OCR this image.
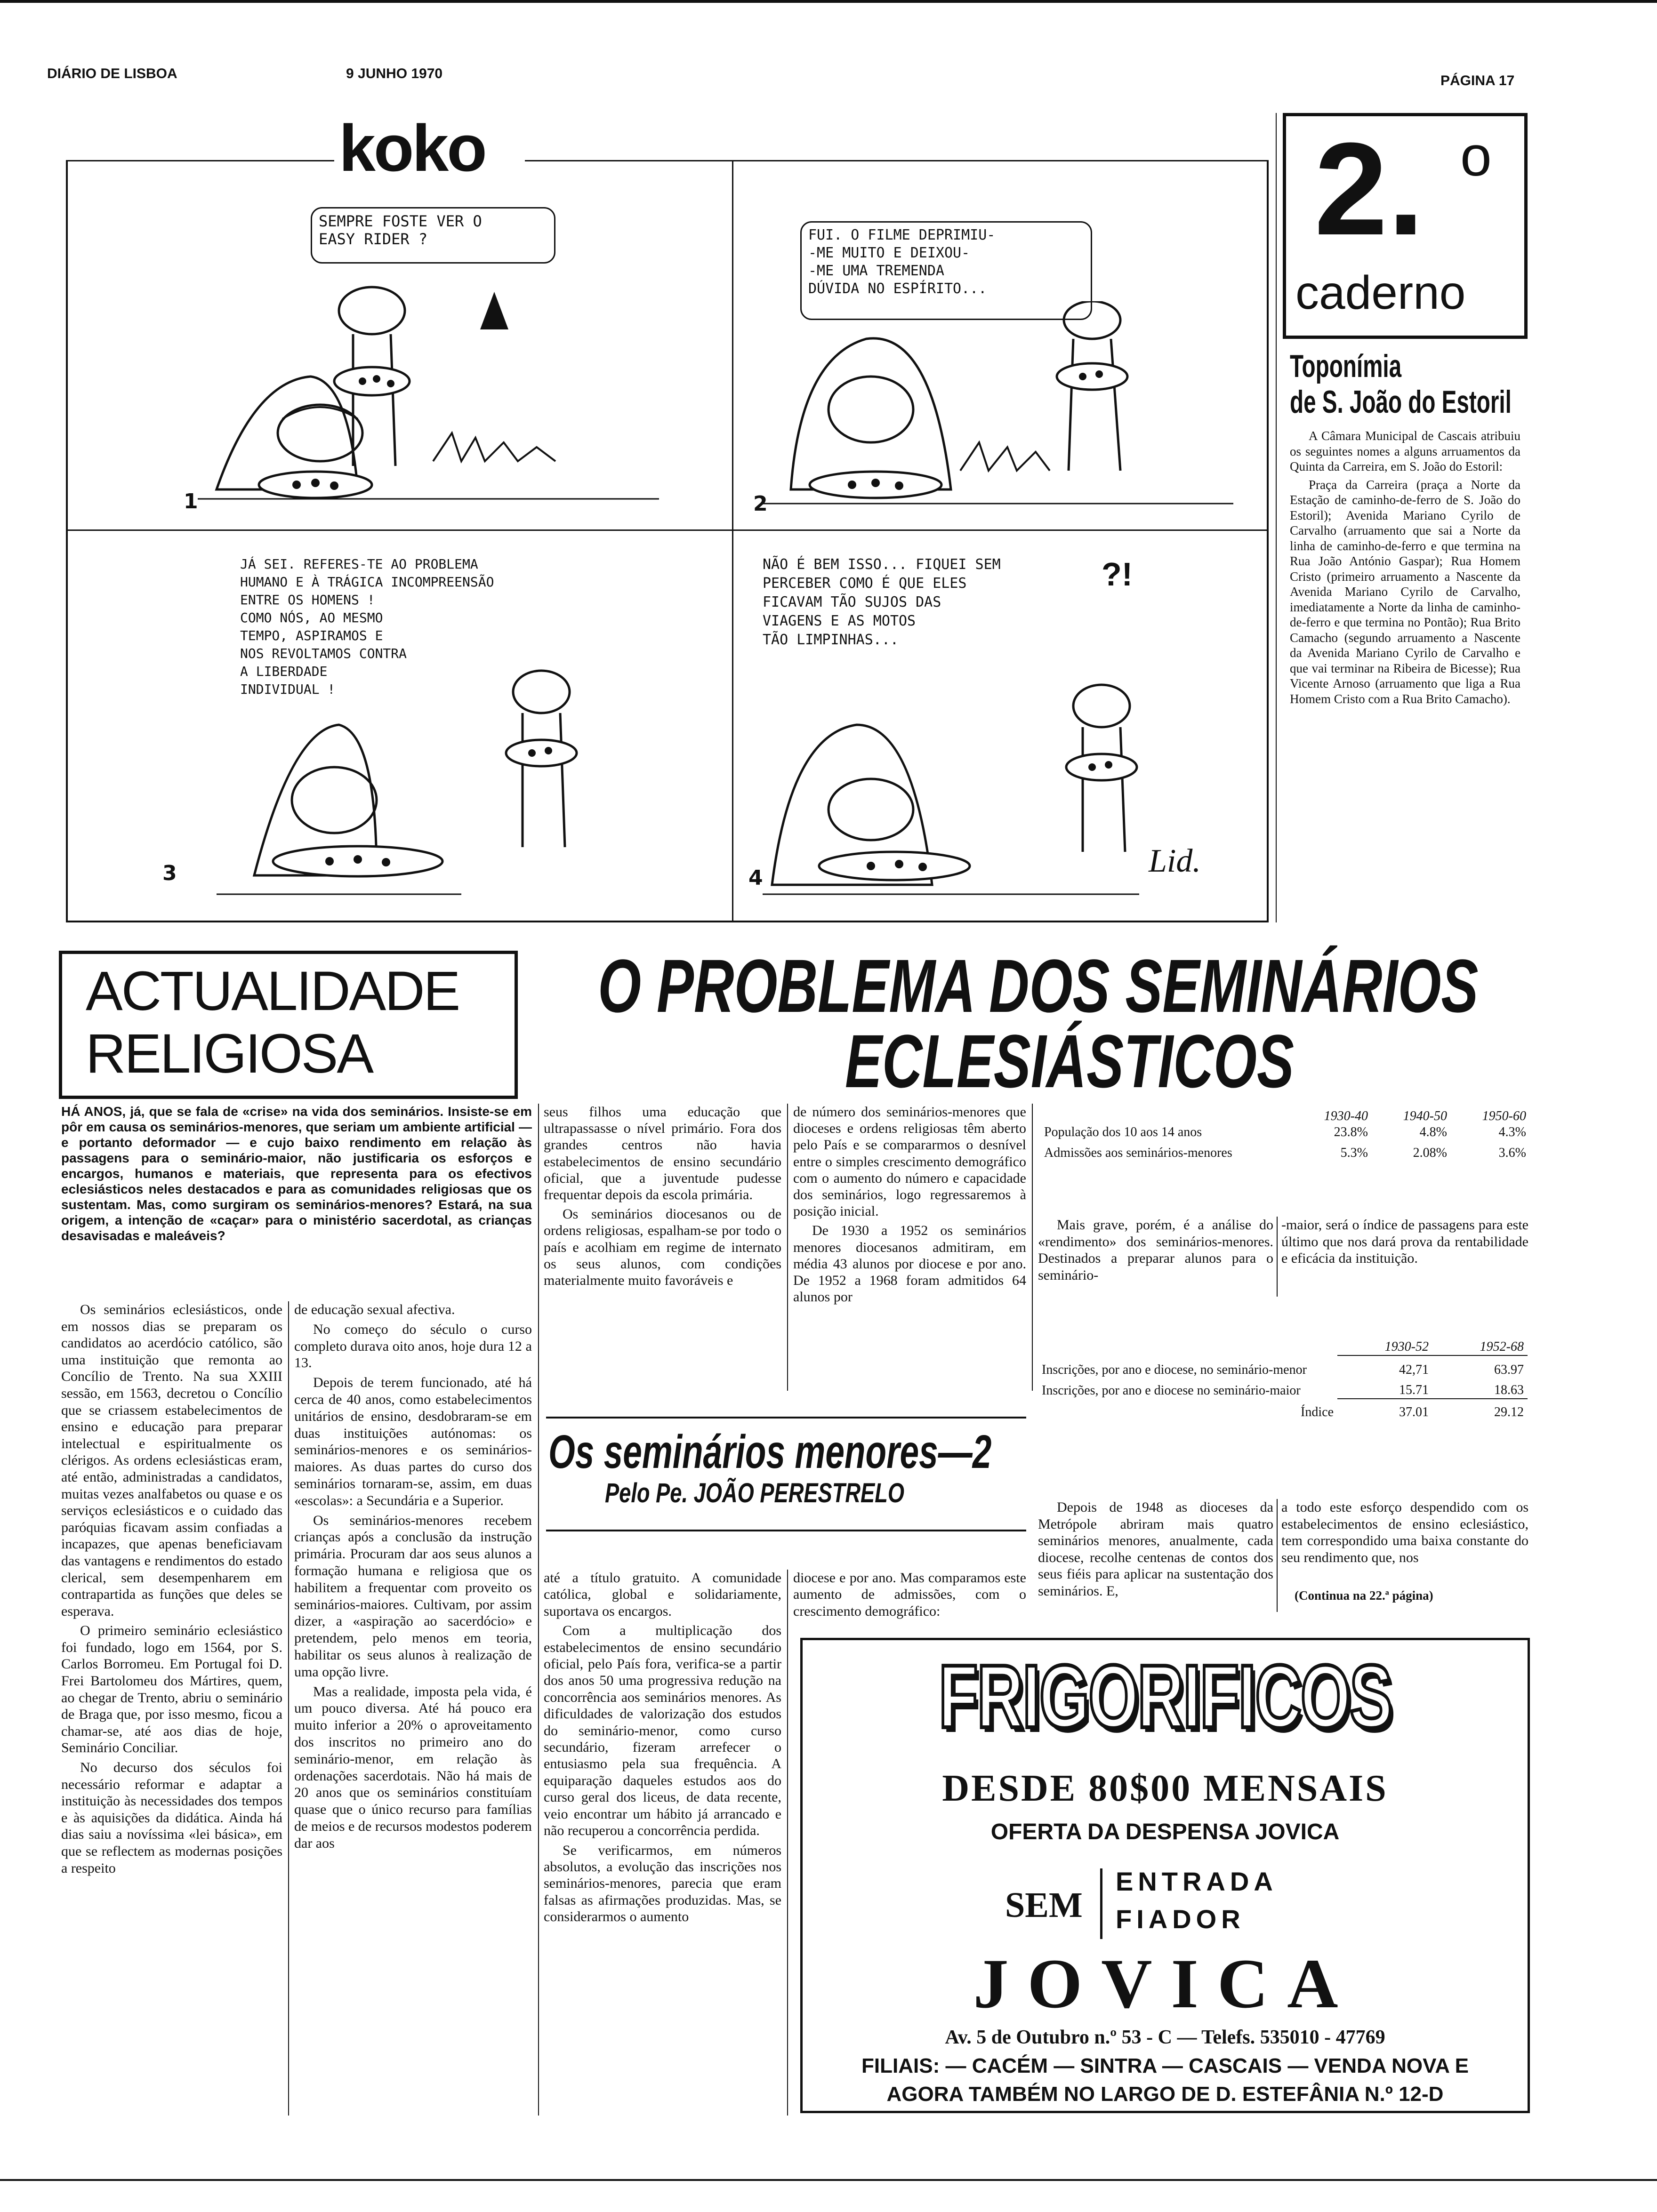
DIÁRIO DE LISBOA	9 JUNHO 1970	PÁGINA 17
koko
SEMPRE FOSTE VER O
EASY RIDER ?
1
FUI. O FILME DEPRIMIU-
-ME MUITO E DEIXOU-
-ME UMA TREMENDA
DÚVIDA NO ESPÍRITO...
2
JÁ SEI. REFERES-TE AO PROBLEMA
HUMANO E À TRÁGICA INCOMPREENSÃO
ENTRE OS HOMENS !
COMO NÓS, AO MESMO
TEMPO, ASPIRAMOS E
NOS REVOLTAMOS CONTRA
A LIBERDADE
INDIVIDUAL !
3
NÃO É BEM ISSO... FIQUEI SEM
PERCEBER COMO É QUE ELES
FICAVAM TÃO SUJOS DAS
VIAGENS E AS MOTOS
TÃO LIMPINHAS...
?!
4	Lid.
2. o
caderno
Toponímia
de S. João do Estoril

A Câmara Municipal de Cascais atribuiu os seguintes nomes a alguns arruamentos da Quinta da Carreira, em S. João do Estoril:

Praça da Carreira (praça a Norte da Estação de caminho-de-ferro de S. João do Estoril); Avenida Mariano Cyrilo de Carvalho (arruamento que sai a Norte da linha de caminho-de-ferro e que termina na Rua João António Gaspar); Rua Homem Cristo (primeiro arruamento a Nascente da Avenida Mariano Cyrilo de Carvalho, imediatamente a Norte da linha de caminho-de-ferro e que termina no Pontão); Rua Brito Camacho (segundo arruamento a Nascente da Avenida Mariano Cyrilo de Carvalho e que vai terminar na Ribeira de Bicesse); Rua Vicente Arnoso (arruamento que liga a Rua Homem Cristo com a Rua Brito Camacho).

ACTUALIDADE
RELIGIOSA
O PROBLEMA DOS SEMINÁRIOS
ECLESIÁSTICOS
HÁ ANOS, já, que se fala de «crise» na vida dos seminários. Insiste-se em pôr em causa os seminários-menores, que seriam um ambiente artificial — e portanto deformador — e cujo baixo rendimento em relação às passagens para o seminário-maior, não justificaria os esforços e encargos, humanos e materiais, que representa para os efectivos eclesiásticos neles destacados e para as comunidades religiosas que os sustentam. Mas, como surgiram os seminários-menores? Estará, na sua origem, a intenção de «caçar» para o ministério sacerdotal, as crianças desavisadas e maleáveis?

Os seminários eclesiásticos, onde em nossos dias se preparam os candidatos ao acerdócio católico, são uma instituição que remonta ao Concílio de Trento. Na sua XXIII sessão, em 1563, decretou o Concílio que se criassem estabelecimentos de ensino e educação para preparar intelectual e espiritualmente os clérigos. As ordens eclesiásticas eram, até então, administradas a candidatos, muitas vezes analfabetos ou quase e os serviços eclesiásticos e o cuidado das paróquias ficavam assim confiadas a incapazes, que apenas beneficiavam das vantagens e rendimentos do estado clerical, sem desempenharem em contrapartida as funções que deles se esperava.

O primeiro seminário eclesiástico foi fundado, logo em 1564, por S. Carlos Borromeu. Em Portugal foi D. Frei Bartolomeu dos Mártires, quem, ao chegar de Trento, abriu o seminário de Braga que, por isso mesmo, ficou a chamar-se, até aos dias de hoje, Seminário Conciliar.

No decurso dos séculos foi necessário reformar e adaptar a instituição às necessidades dos tempos e às aquisições da didática. Ainda há dias saiu a novíssima «lei básica», em que se reflectem as modernas posições a respeito

de educação sexual afectiva.

No começo do século o curso completo durava oito anos, hoje dura 12 a 13.

Depois de terem funcionado, até há cerca de 40 anos, como estabelecimentos unitários de ensino, desdobraram-se em duas instituições autónomas: os seminários-menores e os seminários-maiores. As duas partes do curso dos seminários tornaram-se, assim, em duas «escolas»: a Secundária e a Superior.

Os seminários-menores recebem crianças após a conclusão da instrução primária. Procuram dar aos seus alunos a formação humana e religiosa que os habilitem a frequentar com proveito os seminários-maiores. Cultivam, por assim dizer, a «aspiração ao sacerdócio» e pretendem, pelo menos em teoria, habilitar os seus alunos à realização de uma opção livre.

Mas a realidade, imposta pela vida, é um pouco diversa. Até há pouco era muito inferior a 20% o aproveitamento dos inscritos no primeiro ano do seminário-menor, em relação às ordenações sacerdotais. Não há mais de 20 anos que os seminários constituíam quase que o único recurso para famílias de meios e de recursos modestos poderem dar aos

seus filhos uma educação que ultrapassasse o nível primário. Fora dos grandes centros não havia estabelecimentos de ensino secundário oficial, que a juventude pudesse frequentar depois da escola primária.

Os seminários diocesanos ou de ordens religiosas, espalham-se por todo o país e acolhiam em regime de internato os seus alunos, com condições materialmente muito favoráveis e

de número dos seminários-menores que dioceses e ordens religiosas têm aberto pelo País e se compararmos o desnível entre o simples crescimento demográfico com o aumento do número e capacidade dos seminários, logo regressaremos à posição inicial.

De 1930 a 1952 os seminários menores diocesanos admitiram, em média 43 alunos por diocese e por ano. De 1952 a 1968 foram admitidos 64 alunos por

Os seminários menores—2
Pelo Pe. JOÃO PERESTRELO

até a título gratuito. A comunidade católica, global e solidariamente, suportava os encargos.

Com a multiplicação dos estabelecimentos de ensino secundário oficial, pelo País fora, verifica-se a partir dos anos 50 uma progressiva redução na concorrência aos seminários menores. As dificuldades de valorização dos estudos do seminário-menor, como curso secundário, fizeram arrefecer o entusiasmo pela sua frequência. A equiparação daqueles estudos aos do curso geral dos liceus, de data recente, veio encontrar um hábito já arrancado e não recuperou a concorrência perdida.

Se verificarmos, em números absolutos, a evolução das inscrições nos seminários-menores, parecia que eram falsas as afirmações produzidas. Mas, se considerarmos o aumento

diocese e por ano. Mas comparamos este aumento de admissões, com o crescimento demográfico:

	1930-40	1940-50	1950-60
População dos 10 aos 14 anos	23.8%	4.8%	4.3%
Admissões aos seminários-menores	5.3%	2.08%	3.6%
Mais grave, porém, é a análise do «rendimento» dos seminários-menores. Destinados a preparar alunos para o seminário-
-maior, será o índice de passagens para este último que nos dará prova da rentabilidade e eficácia da instituição.
	1930-52	1952-68
Inscrições, por ano e diocese, no seminário-menor	42,71	63.97
Inscrições, por ano e diocese no seminário-maior	15.71	18.63
Índice	37.01	29.12
Depois de 1948 as dioceses da Metrópole abriram mais quatro seminários menores, anualmente, cada diocese, recolhe centenas de contos dos seus fiéis para aplicar na sustentação dos seminários. E,
a todo este esforço despendido com os estabelecimentos de ensino eclesiástico, tem correspondido uma baixa constante do seu rendimento que, nos
(Continua na 22.ª página)
FRIGORIFICOS
DESDE 80$00 MENSAIS
OFERTA DA DESPENSA JOVICA
SEM
ENTRADA
FIADOR
JOVICA
Av. 5 de Outubro n.º 53 - C — Telefs. 535010 - 47769
FILIAIS: — CACÉM — SINTRA — CASCAIS — VENDA NOVA E
AGORA TAMBÉM NO LARGO DE D. ESTEFÂNIA N.º 12-D
